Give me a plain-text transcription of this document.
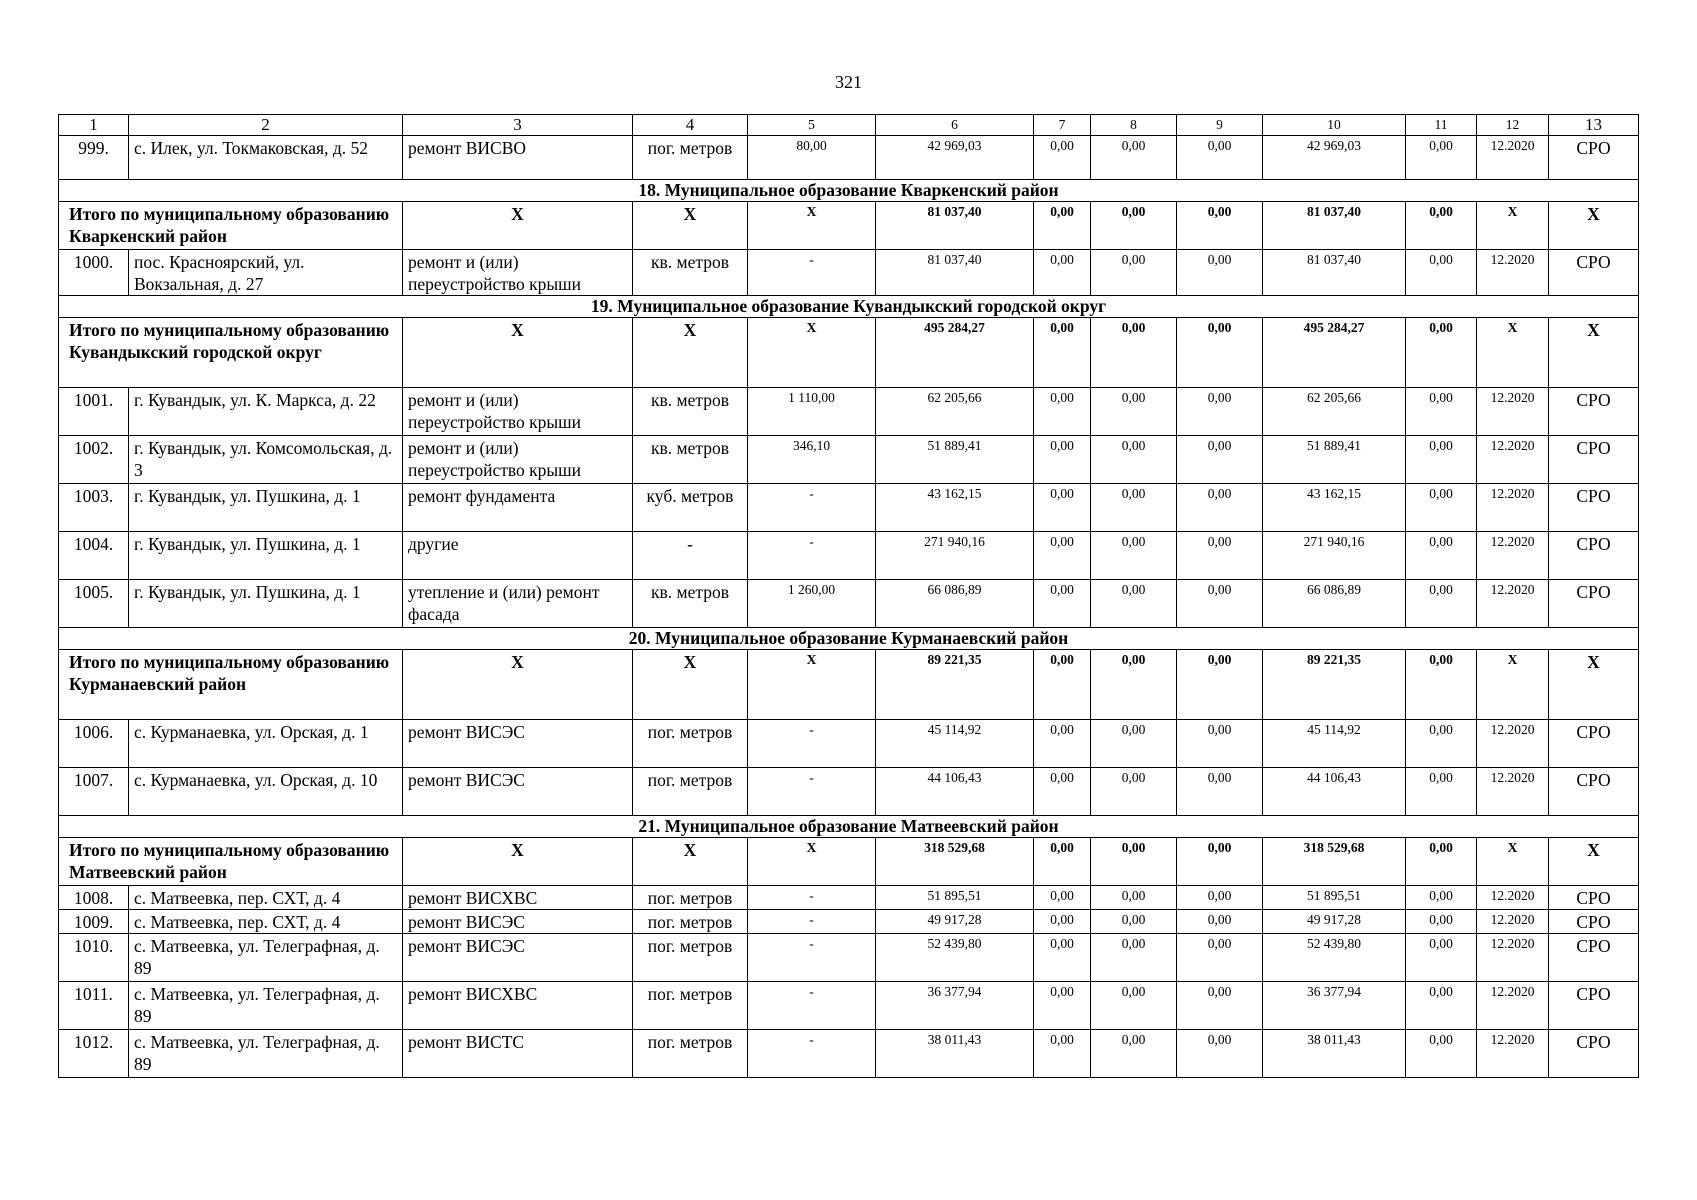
321
1	2	3	4	5	6	7	8	9	10	11	12	13
999.	с. Илек, ул. Токмаковская, д. 52	ремонт ВИСВО	пог. метров	80,00	42 969,03	0,00	0,00	0,00	42 969,03	0,00	12.2020	СРО
18. Муниципальное образование Кваркенский район												
Итого по муниципальному образованию Кваркенский район		Х	Х	Х	81 037,40	0,00	0,00	0,00	81 037,40	0,00	Х	Х
1000.	пос. Красноярский, ул. Вокзальная, д. 27	ремонт и (или) переустройство крыши	кв. метров	-	81 037,40	0,00	0,00	0,00	81 037,40	0,00	12.2020	СРО
19. Муниципальное образование Кувандыкский городской округ												
Итого по муниципальному образованию Кувандыкский городской округ		Х	Х	Х	495 284,27	0,00	0,00	0,00	495 284,27	0,00	Х	Х
1001.	г. Кувандык, ул. К. Маркса, д. 22	ремонт и (или) переустройство крыши	кв. метров	1 110,00	62 205,66	0,00	0,00	0,00	62 205,66	0,00	12.2020	СРО
1002.	г. Кувандык, ул. Комсомольская, д. 3	ремонт и (или) переустройство крыши	кв. метров	346,10	51 889,41	0,00	0,00	0,00	51 889,41	0,00	12.2020	СРО
1003.	г. Кувандык, ул. Пушкина, д. 1	ремонт фундамента	куб. метров	-	43 162,15	0,00	0,00	0,00	43 162,15	0,00	12.2020	СРО
1004.	г. Кувандык, ул. Пушкина, д. 1	другие	-	-	271 940,16	0,00	0,00	0,00	271 940,16	0,00	12.2020	СРО
1005.	г. Кувандык, ул. Пушкина, д. 1	утепление и (или) ремонт фасада	кв. метров	1 260,00	66 086,89	0,00	0,00	0,00	66 086,89	0,00	12.2020	СРО
20. Муниципальное образование Курманаевский район												
Итого по муниципальному образованию Курманаевский район		Х	Х	Х	89 221,35	0,00	0,00	0,00	89 221,35	0,00	Х	Х
1006.	с. Курманаевка, ул. Орская, д. 1	ремонт ВИСЭС	пог. метров	-	45 114,92	0,00	0,00	0,00	45 114,92	0,00	12.2020	СРО
1007.	с. Курманаевка, ул. Орская, д. 10	ремонт ВИСЭС	пог. метров	-	44 106,43	0,00	0,00	0,00	44 106,43	0,00	12.2020	СРО
21. Муниципальное образование Матвеевский район												
Итого по муниципальному образованию Матвеевский район		Х	Х	Х	318 529,68	0,00	0,00	0,00	318 529,68	0,00	Х	Х
1008.	с. Матвеевка, пер. СХТ, д. 4	ремонт ВИСХВС	пог. метров	-	51 895,51	0,00	0,00	0,00	51 895,51	0,00	12.2020	СРО
1009.	с. Матвеевка, пер. СХТ, д. 4	ремонт ВИСЭС	пог. метров	-	49 917,28	0,00	0,00	0,00	49 917,28	0,00	12.2020	СРО
1010.	с. Матвеевка, ул. Телеграфная, д. 89	ремонт ВИСЭС	пог. метров	-	52 439,80	0,00	0,00	0,00	52 439,80	0,00	12.2020	СРО
1011.	с. Матвеевка, ул. Телеграфная, д. 89	ремонт ВИСХВС	пог. метров	-	36 377,94	0,00	0,00	0,00	36 377,94	0,00	12.2020	СРО
1012.	с. Матвеевка, ул. Телеграфная, д. 89	ремонт ВИСТС	пог. метров	-	38 011,43	0,00	0,00	0,00	38 011,43	0,00	12.2020	СРО
